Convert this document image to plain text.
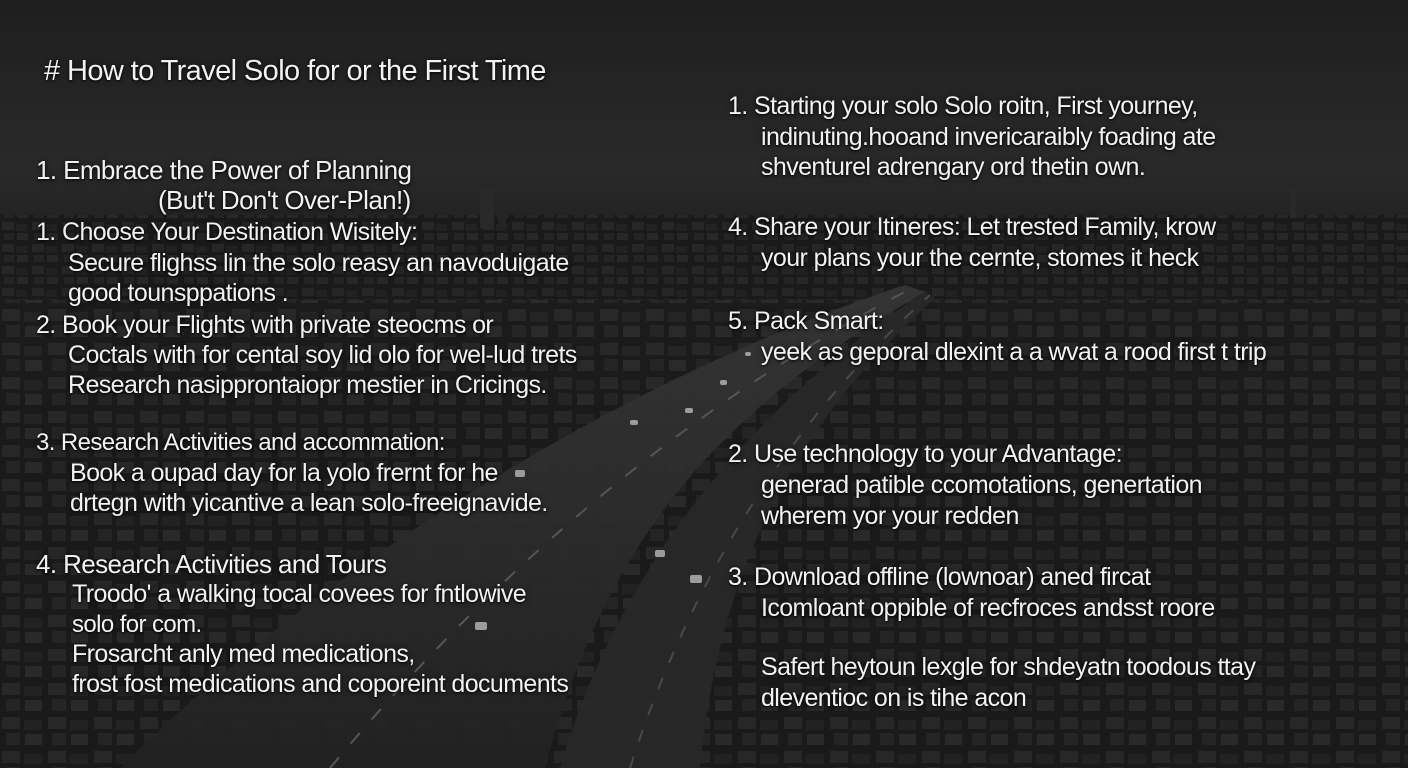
# How to Travel Solo for or the First Time
1. Embrace the Power of Planning
(But't Don't Over-Plan!)
1. Choose Your Destination Wisitely:
Secure flighss lin the solo reasy an navoduigate
good tounsppations .
2. Book your Flights with private steocms or
Coctals with for cental soy lid olo for wel-lud trets
Research nasipprontaiopr mestier in Cricings.
3. Research Activities and accommation:
Book a oupad day for la yolo frernt for he
drtegn with yicantive a lean solo-freeignavide.
4. Research Activities and Tours
Troodo' a walking tocal covees for fntlowive
solo for com.
Frosarcht anly med medications,
frost fost medications and coporeint documents
1. Starting your solo Solo roitn, First yourney,
indinuting.hooand invericaraibly foading ate
shventurel adrengary ord thetin own.
4. Share your Itineres: Let trested Family, krow
your plans your the cernte, stomes it heck
5. Pack Smart:
yeek as geporal dlexint a a wvat a rood first t trip
2. Use technology to your Advantage:
generad patible ccomotations, genertation
wherem yor your redden
3. Download offline (lownoar) aned fircat
Icomloant oppible of recfroces andsst roore
Safert heytoun lexgle for shdeyatn toodous ttay
dleventioc on is tihe acon
